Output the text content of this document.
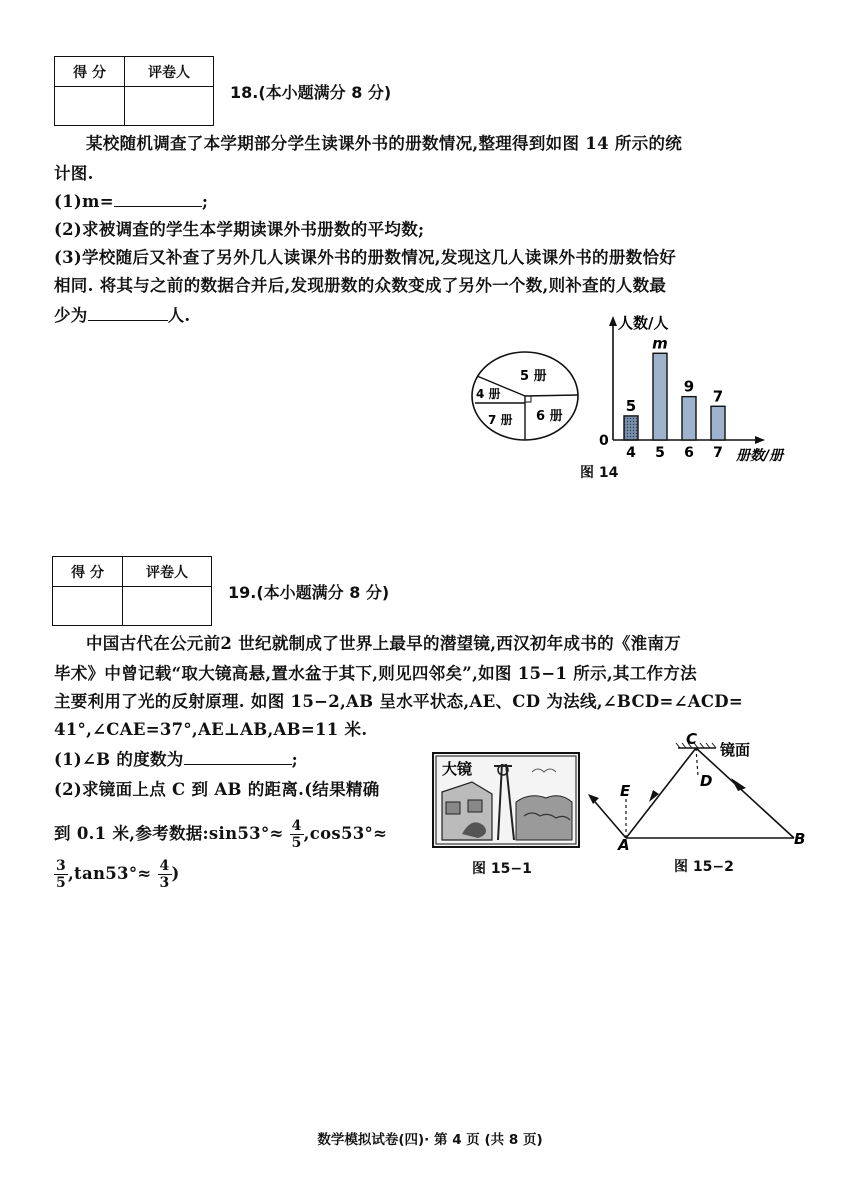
得 分	评卷人

18.(本小题满分 8 分)
某校随机调查了本学期部分学生读课外书的册数情况,整理得到如图 14 所示的统
计图.
(1)m=	;
(2)求被调查的学生本学期读课外书册数的平均数;
(3)学校随后又补查了另外几人读课外书的册数情况,发现这几人读课外书的册数恰好
相同. 将其与之前的数据合并后,发现册数的众数变成了另外一个数,则补查的人数最
少为	人.
5 册
4 册
7 册 6 册
人数/人
册数/册
0
5
4
m
5
9
6
7
7
图 14
得 分	评卷人

19.(本小题满分 8 分)
中国古代在公元前2 世纪就制成了世界上最早的潜望镜,西汉初年成书的《淮南万
毕术》中曾记载“取大镜高悬,置水盆于其下,则见四邻矣”,如图 15−1 所示,其工作方法
主要利用了光的反射原理. 如图 15−2,AB 呈水平状态,AE、CD 为法线,∠BCD=∠ACD=
41°,∠CAE=37°,AE⊥AB,AB=11 米.
(1)∠B 的度数为	;
(2)求镜面上点 C 到 AB 的距离.(结果精确
到 0.1 米,参考数据:sin53°≈ $\frac{4}{5} ,\cos 53^\circ\approx$
$\frac{3}{5} ,\tan 53^\circ\approx \frac{4}{3}$ )
大镜
图 15−1
C
镜面
E
D
A	B
图 15−2
数学模拟试卷(四)· 第 4 页 (共 8 页)
